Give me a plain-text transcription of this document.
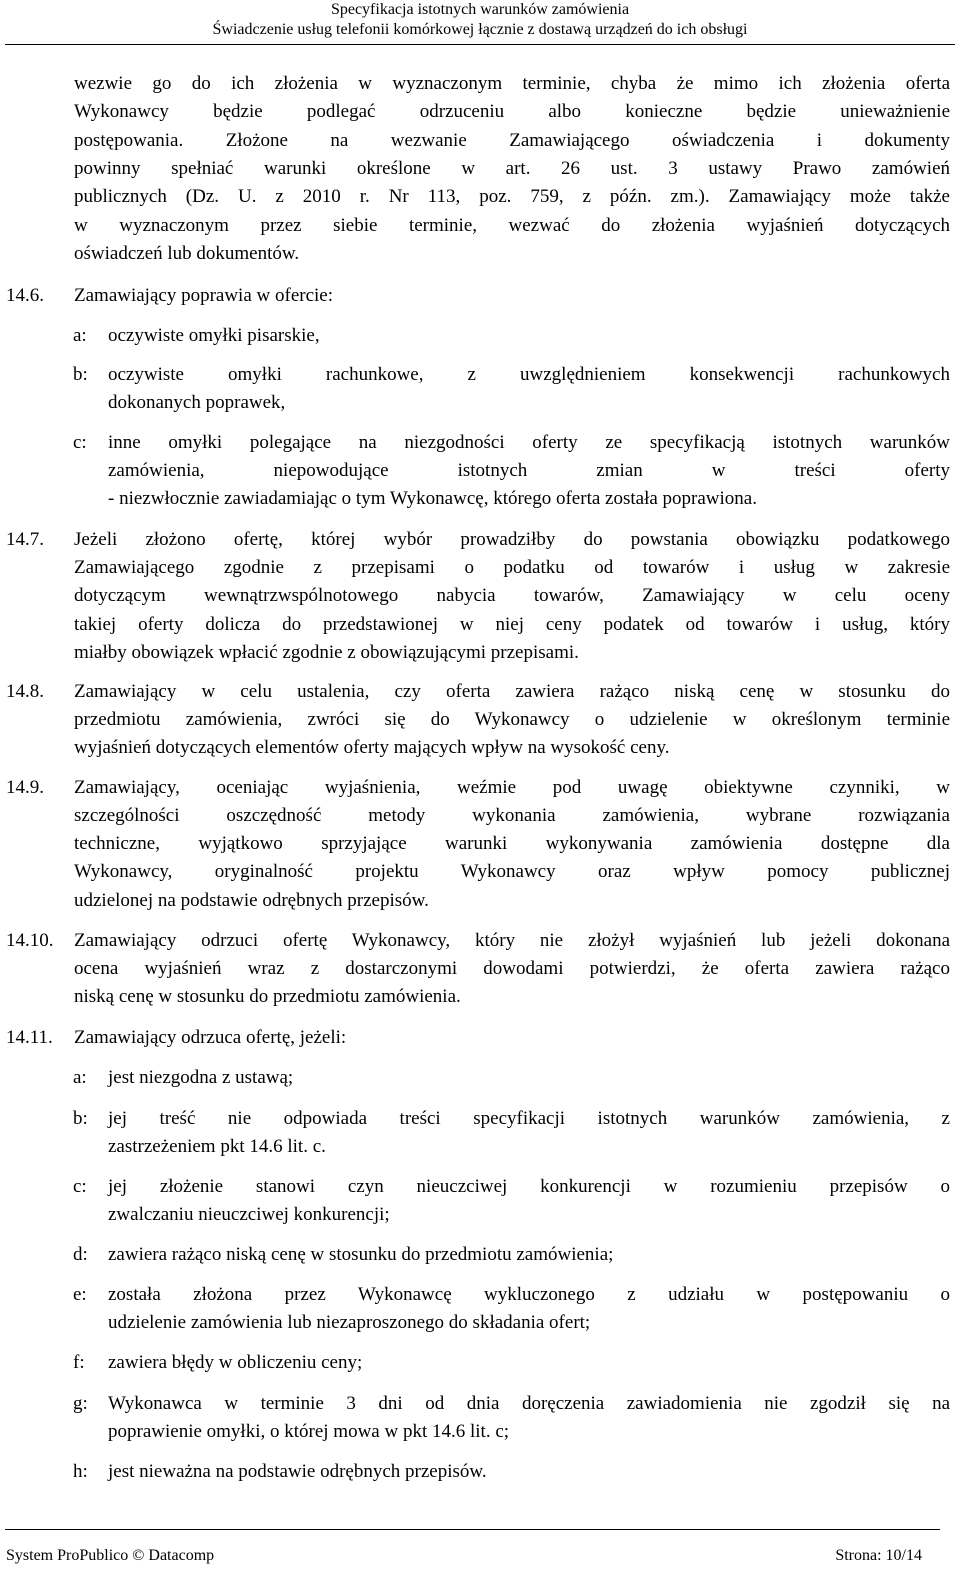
Specyfikacja istotnych warunków zamówienia
Świadczenie usług telefonii komórkowej łącznie z dostawą urządzeń do ich obsługi
wezwie go do ich złożenia w wyznaczonym terminie, chyba że mimo ich złożenia oferta
Wykonawcy będzie podlegać odrzuceniu albo konieczne będzie unieważnienie
postępowania. Złożone na wezwanie Zamawiającego oświadczenia i dokumenty
powinny spełniać warunki określone w art. 26 ust. 3 ustawy Prawo zamówień
publicznych (Dz. U. z 2010 r. Nr 113, poz. 759, z późn. zm.). Zamawiający może także
w wyznaczonym przez siebie terminie, wezwać do złożenia wyjaśnień dotyczących
oświadczeń lub dokumentów.
14.6. Zamawiający poprawia w ofercie:
a: oczywiste omyłki pisarskie,
b: oczywiste omyłki rachunkowe, z uwzględnieniem konsekwencji rachunkowych
dokonanych poprawek,
c: inne omyłki polegające na niezgodności oferty ze specyfikacją istotnych warunków
zamówienia, niepowodujące istotnych zmian w treści oferty
- niezwłocznie zawiadamiając o tym Wykonawcę, którego oferta została poprawiona.
14.7. Jeżeli złożono ofertę, której wybór prowadziłby do powstania obowiązku podatkowego
Zamawiającego zgodnie z przepisami o podatku od towarów i usług w zakresie
dotyczącym wewnątrzwspólnotowego nabycia towarów, Zamawiający w celu oceny
takiej oferty dolicza do przedstawionej w niej ceny podatek od towarów i usług, który
miałby obowiązek wpłacić zgodnie z obowiązującymi przepisami.
14.8. Zamawiający w celu ustalenia, czy oferta zawiera rażąco niską cenę w stosunku do
przedmiotu zamówienia, zwróci się do Wykonawcy o udzielenie w określonym terminie
wyjaśnień dotyczących elementów oferty mających wpływ na wysokość ceny.
14.9. Zamawiający, oceniając wyjaśnienia, weźmie pod uwagę obiektywne czynniki, w
szczególności oszczędność metody wykonania zamówienia, wybrane rozwiązania
techniczne, wyjątkowo sprzyjające warunki wykonywania zamówienia dostępne dla
Wykonawcy, oryginalność projektu Wykonawcy oraz wpływ pomocy publicznej
udzielonej na podstawie odrębnych przepisów.
14.10. Zamawiający odrzuci ofertę Wykonawcy, który nie złożył wyjaśnień lub jeżeli dokonana
ocena wyjaśnień wraz z dostarczonymi dowodami potwierdzi, że oferta zawiera rażąco
niską cenę w stosunku do przedmiotu zamówienia.
14.11. Zamawiający odrzuca ofertę, jeżeli:
a: jest niezgodna z ustawą;
b: jej treść nie odpowiada treści specyfikacji istotnych warunków zamówienia, z
zastrzeżeniem pkt 14.6 lit. c.
c: jej złożenie stanowi czyn nieuczciwej konkurencji w rozumieniu przepisów o
zwalczaniu nieuczciwej konkurencji;
d: zawiera rażąco niską cenę w stosunku do przedmiotu zamówienia;
e: została złożona przez Wykonawcę wykluczonego z udziału w postępowaniu o
udzielenie zamówienia lub niezaproszonego do składania ofert;
f: zawiera błędy w obliczeniu ceny;
g: Wykonawca w terminie 3 dni od dnia doręczenia zawiadomienia nie zgodził się na
poprawienie omyłki, o której mowa w pkt 14.6 lit. c;
h: jest nieważna na podstawie odrębnych przepisów.
System ProPublico © Datacomp	Strona: 10/14
